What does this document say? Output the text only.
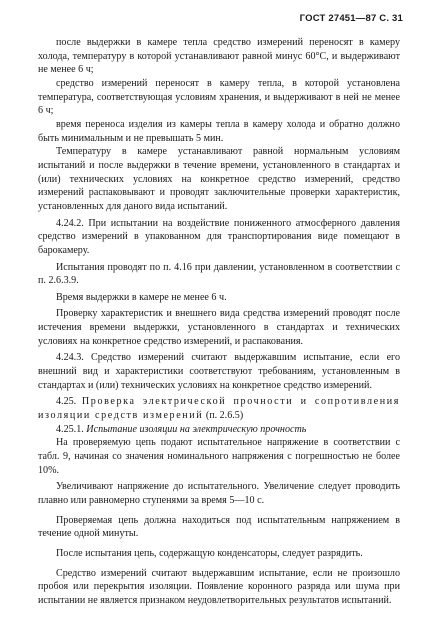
ГОСТ 27451—87 С. 31

после выдержки в камере тепла средство измерений переносят в камеру холода, температуру в которой устанавливают равной минус 60°С, и выдерживают не менее 6 ч;

средство измерений переносят в камеру тепла, в которой установлена температура, соответствующая условиям хранения, и выдерживают в ней не менее 6 ч;

время переноса изделия из камеры тепла в камеру холода и обратно должно быть минимальным и не превышать 5 мин.

Температуру в камере устанавливают равной нормальным условиям испытаний и после выдержки в течение времени, установленного в стандартах и (или) технических условиях на конкретное средство измерений, средство измерений распаковывают и проводят заключительные проверки характеристик, установленных для даного вида испытаний.

4.24.2. При испытании на воздействие пониженного атмосферного давления средство измерений в упакованном для транспортирования виде помещают в барокамеру.

Испытания проводят по п. 4.16 при давлении, установленном в соответствии с п. 2.6.3.9.

Время выдержки в камере не менее 6 ч.

Проверку характеристик и внешнего вида средства измерений проводят после истечения времени выдержки, установленного в стандартах и технических условиях на конкретное средство измерений, и распакования.

4.24.3. Средство измерений считают выдержавшим испытание, если его внешний вид и характеристики соответствуют требованиям, установленным в стандартах и (или) технических условиях на конкретное средство измерений.

4.25. Проверка электрической прочности и сопротивления изоляции средств измерений (п. 2.6.5)

4.25.1. Испытание изоляции на электрическую прочность

На проверяемую цепь подают испытательное напряжение в соответствии с табл. 9, начиная со значения номинального напряжения с погрешностью не более 10%.

Увеличивают напряжение до испытательного. Увеличение следует проводить плавно или равномерно ступенями за время 5—10 с.

Проверяемая цепь должна находиться под испытательным напряжением в течение одной минуты.

После испытания цепь, содержащую конденсаторы, следует разрядить.

Средство измерений считают выдержавшим испытание, если не произошло пробоя или перекрытия изоляции. Появление коронного разряда или шума при испытании не является признаком неудовлетворительных результатов испытаний.
